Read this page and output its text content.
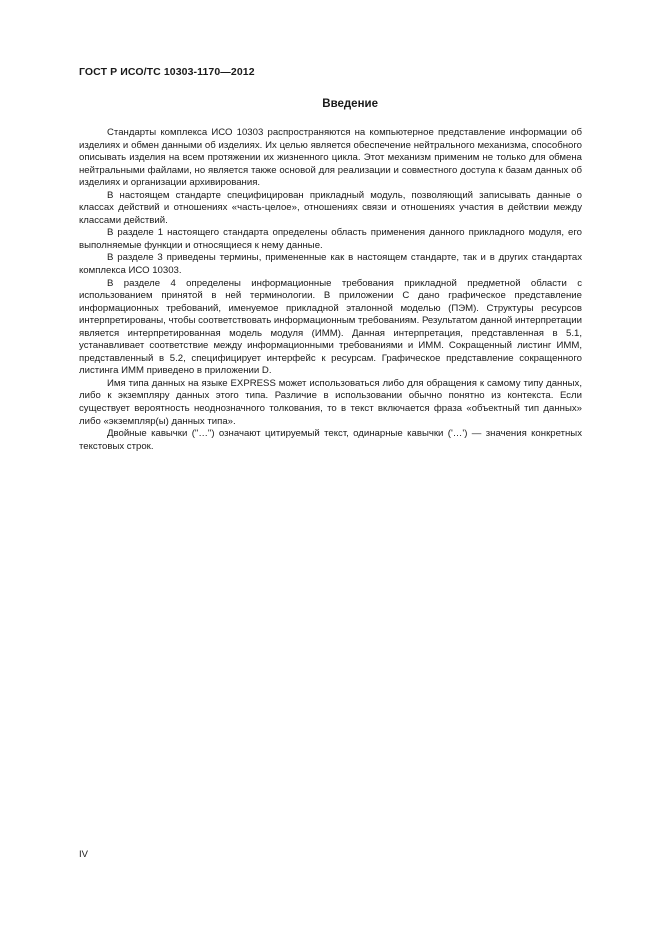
ГОСТ Р ИСО/ТС 10303-1170—2012
Введение

Стандарты комплекса ИСО 10303 распространяются на компьютерное представление информации об изделиях и обмен данными об изделиях. Их целью является обеспечение нейтрального механизма, способного описывать изделия на всем протяжении их жизненного цикла. Этот механизм применим не только для обмена нейтральными файлами, но является также основой для реализации и совместного доступа к базам данных об изделиях и организации архивирования.

В настоящем стандарте специфицирован прикладный модуль, позволяющий записывать данные о классах действий и отношениях «часть-целое», отношениях связи и отношениях участия в действии между классами действий.

В разделе 1 настоящего стандарта определены область применения данного прикладного модуля, его выполняемые функции и относящиеся к нему данные.

В разделе 3 приведены термины, примененные как в настоящем стандарте, так и в других стандартах комплекса ИСО 10303.

В разделе 4 определены информационные требования прикладной предметной области с использованием принятой в ней терминологии. В приложении С дано графическое представление информационных требований, именуемое прикладной эталонной моделью (ПЭМ). Структуры ресурсов интерпретированы, чтобы соответствовать информационным требованиям. Результатом данной интерпретации является интерпретированная модель модуля (ИММ). Данная интерпретация, представленная в 5.1, устанавливает соответствие между информационными требованиями и ИММ. Сокращенный листинг ИММ, представленный в 5.2, специфицирует интерфейс к ресурсам. Графическое представление сокращенного листинга ИММ приведено в приложении D.

Имя типа данных на языке EXPRESS может использоваться либо для обращения к самому типу данных, либо к экземпляру данных этого типа. Различие в использовании обычно понятно из контекста. Если существует вероятность неоднозначного толкования, то в текст включается фраза «объектный тип данных» либо «экземпляр(ы) данных типа».

Двойные кавычки ("…") означают цитируемый текст, одинарные кавычки ('…') — значения конкретных текстовых строк.

IV
